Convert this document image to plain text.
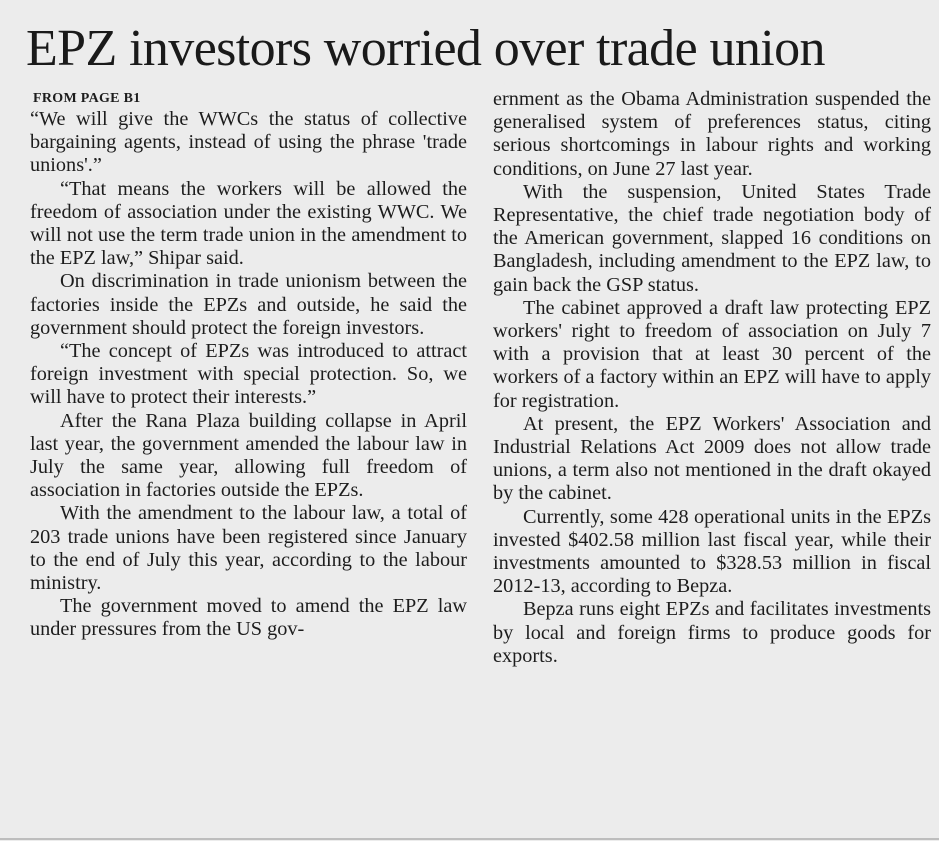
EPZ investors worried over trade union
FROM PAGE B1

“We will give the WWCs the status of collective bargaining agents, instead of using the phrase 'trade unions'.”

“That means the workers will be allowed the freedom of association under the existing WWC. We will not use the term trade union in the amendment to the EPZ law,” Shipar said.

On discrimination in trade unionism between the factories inside the EPZs and outside, he said the government should protect the foreign investors.

“The concept of EPZs was introduced to attract foreign investment with special protection. So, we will have to protect their interests.”

After the Rana Plaza building collapse in April last year, the government amended the labour law in July the same year, allowing full freedom of association in factories outside the EPZs.

With the amendment to the labour law, a total of 203 trade unions have been registered since January to the end of July this year, according to the labour ministry.

The government moved to amend the EPZ law under pressures from the US gov-

ernment as the Obama Administration suspended the generalised system of preferences status, citing serious shortcomings in labour rights and working conditions, on June 27 last year.

With the suspension, United States Trade Representative, the chief trade negotiation body of the American government, slapped 16 conditions on Bangladesh, including amendment to the EPZ law, to gain back the GSP status.

The cabinet approved a draft law protecting EPZ workers' right to freedom of association on July 7 with a provision that at least 30 percent of the workers of a factory within an EPZ will have to apply for registration.

At present, the EPZ Workers' Association and Industrial Relations Act 2009 does not allow trade unions, a term also not mentioned in the draft okayed by the cabinet.

Currently, some 428 operational units in the EPZs invested $402.58 million last fiscal year, while their investments amounted to $328.53 million in fiscal 2012-13, according to Bepza.

Bepza runs eight EPZs and facilitates investments by local and foreign firms to produce goods for exports.
